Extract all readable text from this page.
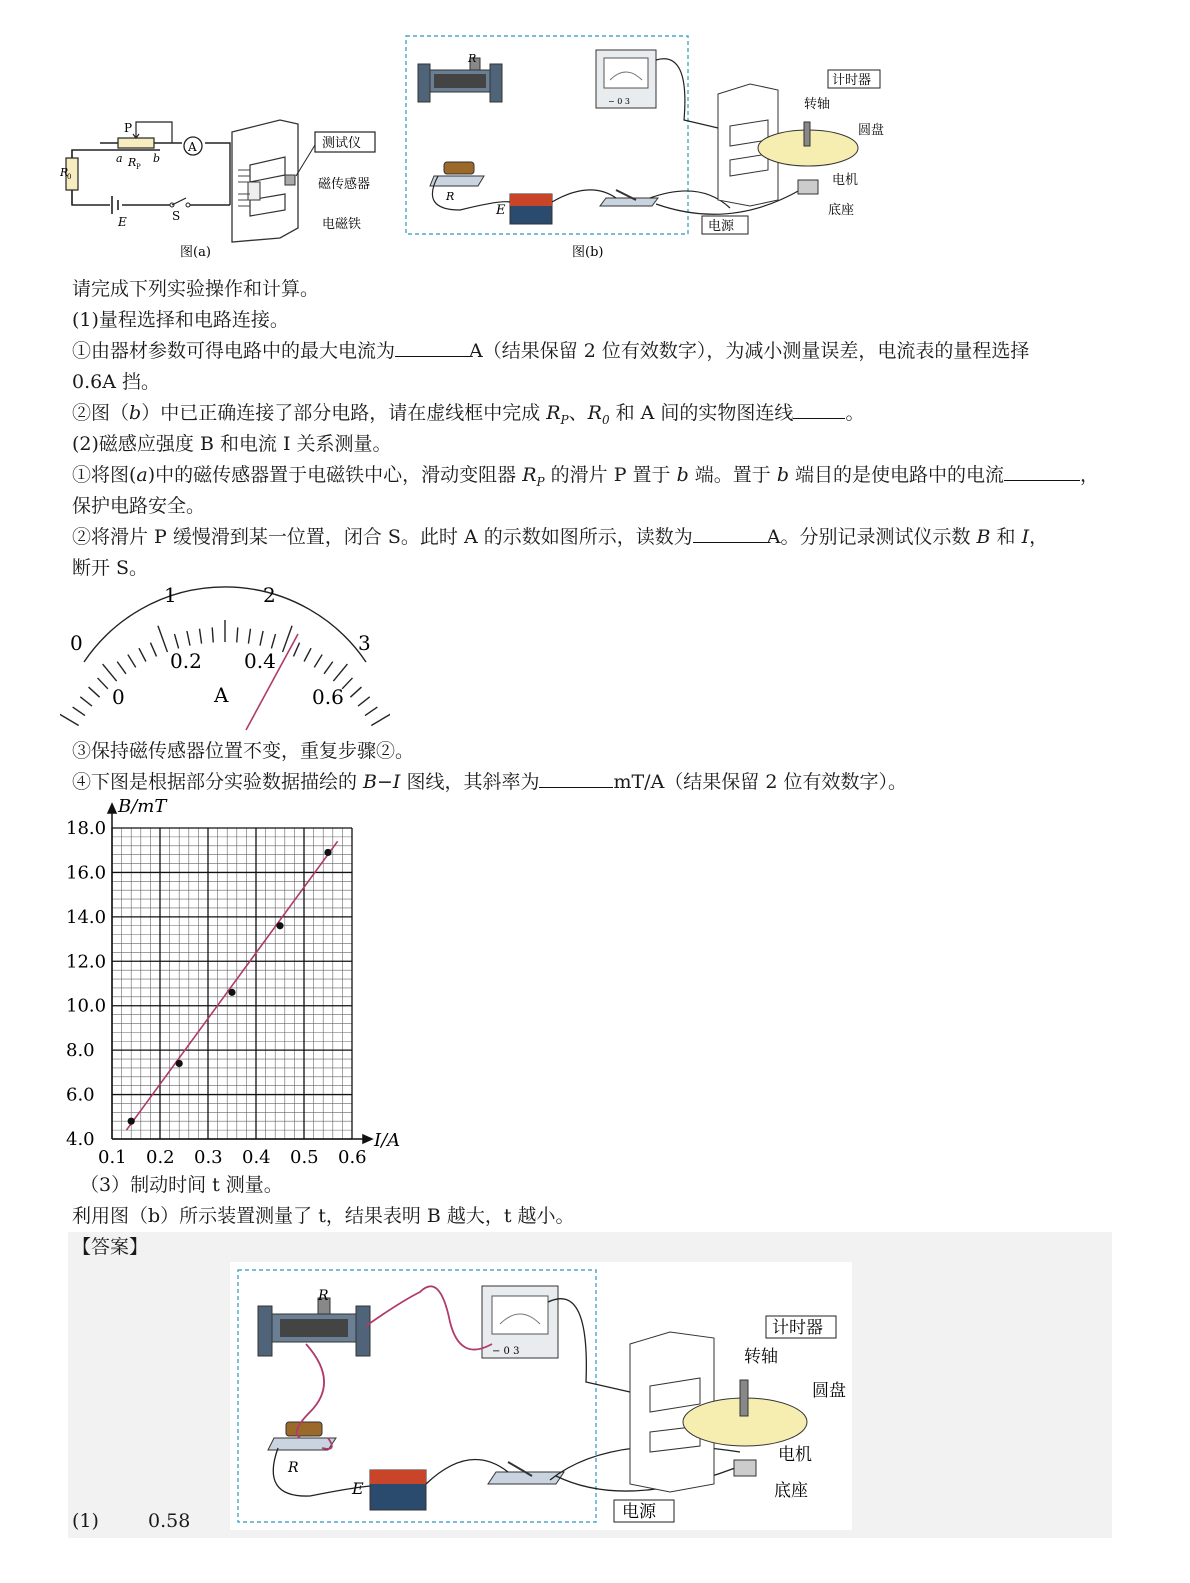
A
P
a	b
R P
R
0
E	S
测试仪
磁传感器
电磁铁
图(a)
R
− 0 3
R
E
计时器
转轴
圆盘
电机
底座
电源
图(b)
请完成下列实验操作和计算。
(1)量程选择和电路连接。
①由器材参数可得电路中的最大电流为	A（结果保留 2 位有效数字），为减小测量误差，电流表的量程选择
0.6A 挡。
②图（b）中已正确连接了部分电路，请在虚线框中完成 $R_P$、$R_0$ 和 A 间的实物图连线	。
(2)磁感应强度 B 和电流 I 关系测量。
①将图(a)中的磁传感器置于电磁铁中心，滑动变阻器 $R_P$ 的滑片 P 置于 b 端。置于 b 端目的是使电路中的电流	，
保护电路安全。
②将滑片 P 缓慢滑到某一位置，闭合 S。此时 A 的示数如图所示，读数为	A。分别记录测试仪示数 B 和 I，
断开 S。
0
1	2
3
0
0.2 0.4
0.6
A
③保持磁传感器位置不变，重复步骤②。
④下图是根据部分实验数据描绘的 B−I 图线，其斜率为	mT/A（结果保留 2 位有效数字）。
4.0
6.0
8.0
10.0
12.0
14.0
16.0
18.0
0.1 0.2 0.3 0.4 0.5 0.6
B/mT
I/A
（3）制动时间 t 测量。
利用图（b）所示装置测量了 t，结果表明 B 越大，t 越小。
【答案】
R
− 0 3
R
E
计时器
转轴
圆盘
电机
底座
电源
(1)	0.58
